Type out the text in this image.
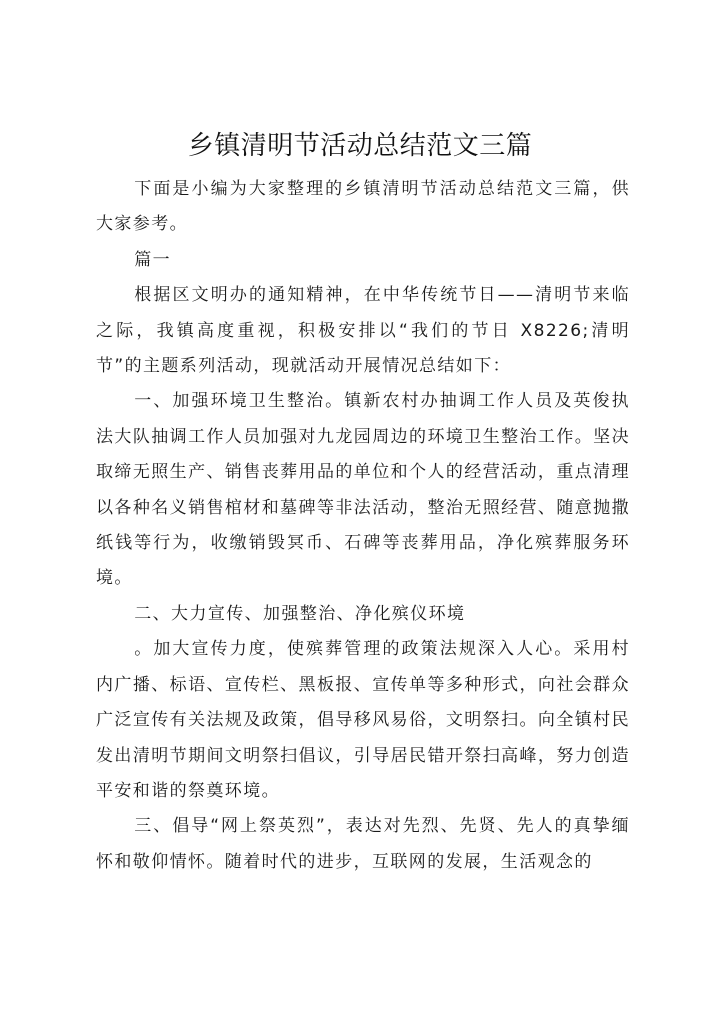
乡镇清明节活动总结范文三篇

下面是小编为大家整理的乡镇清明节活动总结范文三篇，供大家参考。

篇一

根据区文明办的通知精神，在中华传统节日——清明节来临之际，我镇高度重视，积极安排以“我们的节日 X8226;清明节”的主题系列活动，现就活动开展情况总结如下：

一、加强环境卫生整治。镇新农村办抽调工作人员及英俊执法大队抽调工作人员加强对九龙园周边的环境卫生整治工作。坚决取缔无照生产、销售丧葬用品的单位和个人的经营活动，重点清理以各种名义销售棺材和墓碑等非法活动，整治无照经营、随意抛撒纸钱等行为，收缴销毁冥币、石碑等丧葬用品，净化殡葬服务环境。

二、大力宣传、加强整治、净化殡仪环境

。加大宣传力度，使殡葬管理的政策法规深入人心。采用村内广播、标语、宣传栏、黑板报、宣传单等多种形式，向社会群众广泛宣传有关法规及政策，倡导移风易俗，文明祭扫。向全镇村民发出清明节期间文明祭扫倡议，引导居民错开祭扫高峰，努力创造平安和谐的祭奠环境。

三、倡导“网上祭英烈”，表达对先烈、先贤、先人的真挚缅怀和敬仰情怀。随着时代的进步，互联网的发展，生活观念的
